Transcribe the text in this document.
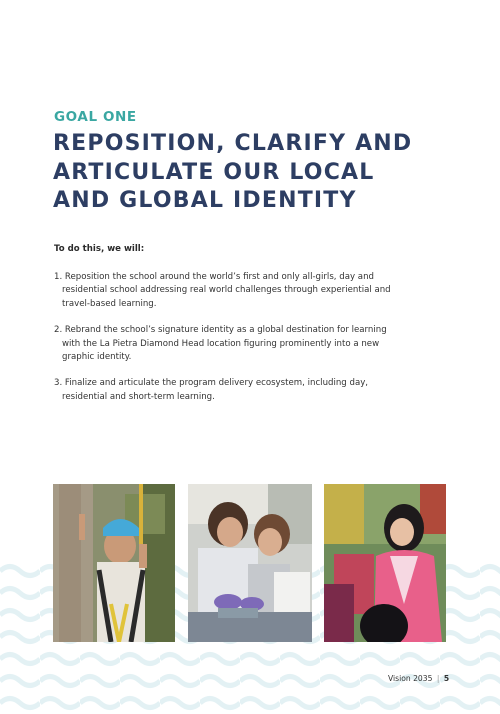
GOAL ONE
REPOSITION, CLARIFY AND
ARTICULATE OUR LOCAL
AND GLOBAL IDENTITY
To do this, we will:
1. Reposition the school around the world’s first and only all-girls, day and
residential school addressing real world challenges through experiential and
travel-based learning.
2. Rebrand the school’s signature identity as a global destination for learning
with the La Pietra Diamond Head location figuring prominently into a new
graphic identity.
3. Finalize and articulate the program delivery ecosystem, including day,
residential and short-term learning.
Vision 2035 | 5
